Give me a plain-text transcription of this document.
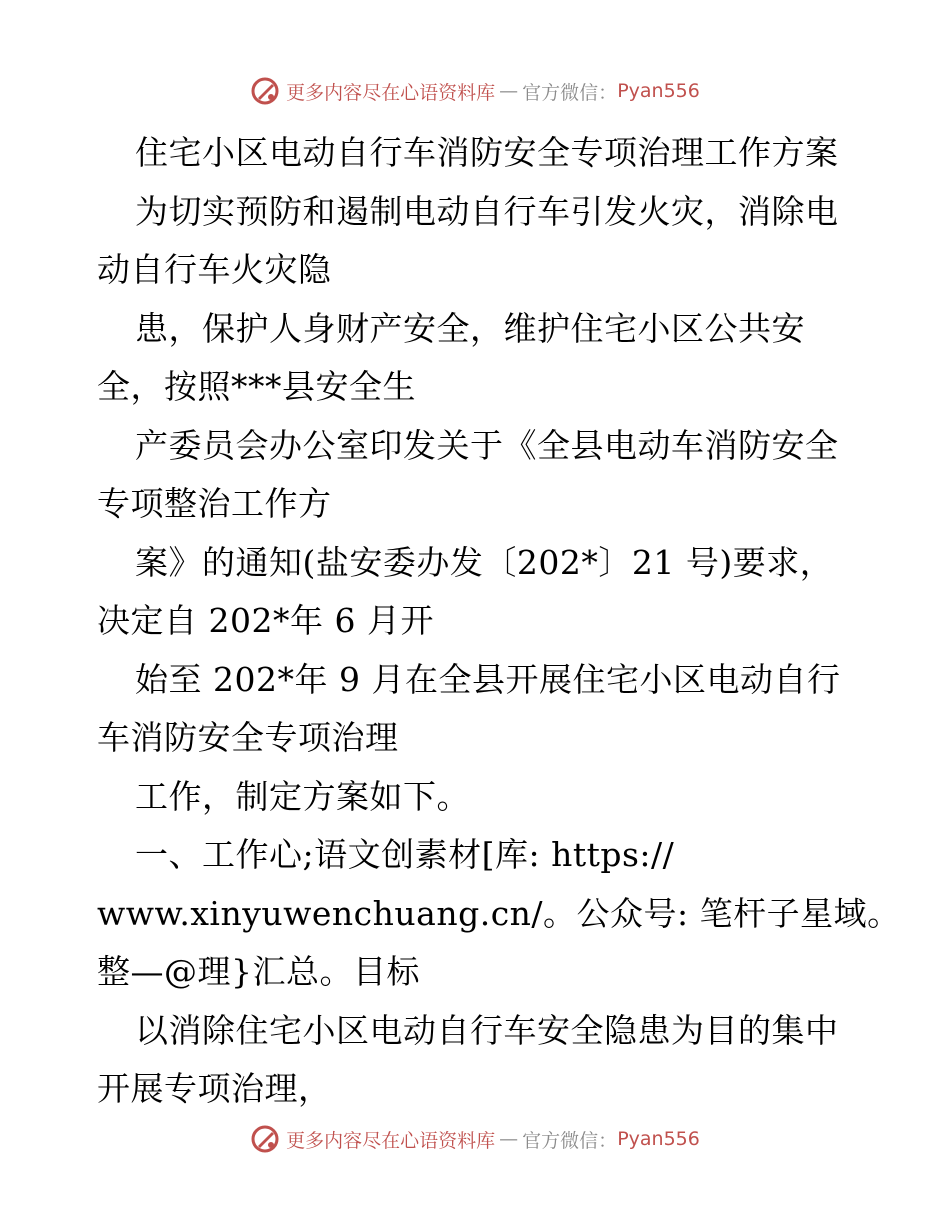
更多内容尽在心语资料库 — 官方微信： Pyan556
住宅小区电动自行车消防安全专项治理工作方案
为切实预防和遏制电动自行车引发火灾，消除电
动自行车火灾隐
患，保护人身财产安全，维护住宅小区公共安
全，按照***县安全生
产委员会办公室印发关于《全县电动车消防安全
专项整治工作方
案》的通知(盐安委办发〔202*〕21 号)要求，
决定自 202*年 6 月开
始至 202*年 9 月在全县开展住宅小区电动自行
车消防安全专项治理
工作，制定方案如下。
一、工作心;语文创素材[库: https://
www.xinyuwenchuang.cn/。公众号: 笔杆子星域。
整—@理}汇总。目标
以消除住宅小区电动自行车安全隐患为目的集中
开展专项治理，
更多内容尽在心语资料库 — 官方微信： Pyan556
